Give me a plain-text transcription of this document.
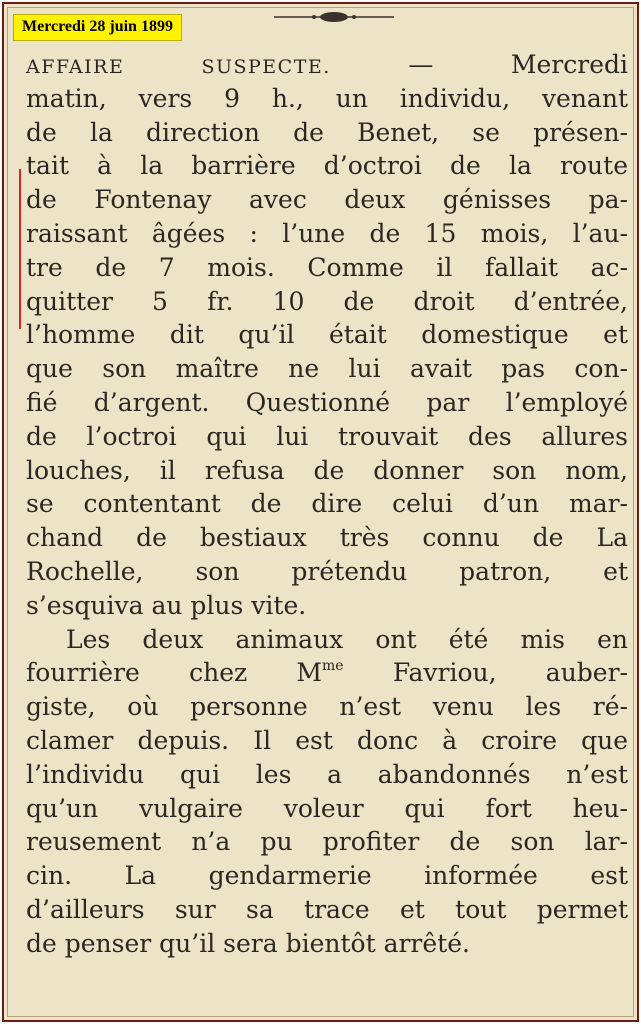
Mercredi 28 juin 1899
AFFAIRE SUSPECTE. — Mercredi
matin, vers 9 h., un individu, venant
de la direction de Benet, se présen-
tait à la barrière d’octroi de la route
de Fontenay avec deux génisses pa-
raissant âgées : l’une de 15 mois, l’au-
tre de 7 mois. Comme il fallait ac-
quitter 5 fr. 10 de droit d’entrée,
l’homme dit qu’il était domestique et
que son maître ne lui avait pas con-
fié d’argent. Questionné par l’employé
de l’octroi qui lui trouvait des allures
louches, il refusa de donner son nom,
se contentant de dire celui d’un mar-
chand de bestiaux très connu de La
Rochelle, son prétendu patron, et
s’esquiva au plus vite.
Les deux animaux ont été mis en
fourrière chez $M^{me}$ Favriou, auber-
giste, où personne n’est venu les ré-
clamer depuis. Il est donc à croire que
l’individu qui les a abandonnés n’est
qu’un vulgaire voleur qui fort heu-
reusement n’a pu profiter de son lar-
cin. La gendarmerie informée est
d’ailleurs sur sa trace et tout permet
de penser qu’il sera bientôt arrêté.
